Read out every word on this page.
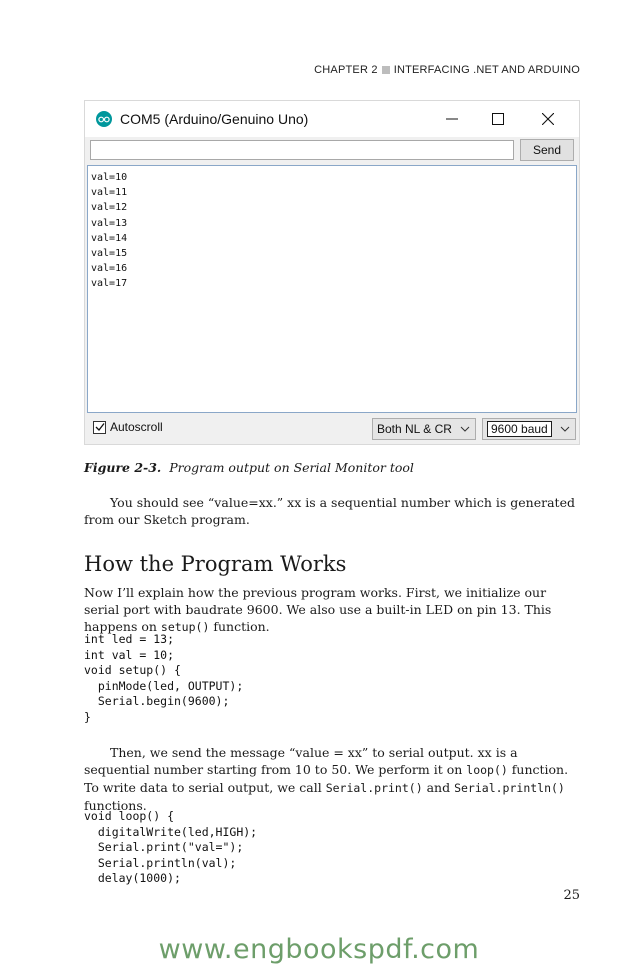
CHAPTER 2 INTERFACING .NET AND ARDUINO
COM5 (Arduino/Genuino Uno)
Send
val=10
val=11
val=12
val=13
val=14
val=15
val=16
val=17
Autoscroll	Both NL & CR	9600 baud
Figure 2-3. Program output on Serial Monitor tool

You should see “value=xx.” xx is a sequential number which is generated from our Sketch program.

How the Program Works

Now I’ll explain how the previous program works. First, we initialize our serial port with baudrate 9600. We also use a built-in LED on pin 13. This happens on setup() function.

int led = 13;
int val = 10;
void setup() {
pinMode(led, OUTPUT);
Serial.begin(9600);
}

Then, we send the message “value = xx” to serial output. xx is a sequential number starting from 10 to 50. We perform it on loop() function. To write data to serial output, we call Serial.print() and Serial.println() functions.

void loop() {
digitalWrite(led,HIGH);
Serial.print("val=");
Serial.println(val);
delay(1000);
25
www.engbookspdf.com
